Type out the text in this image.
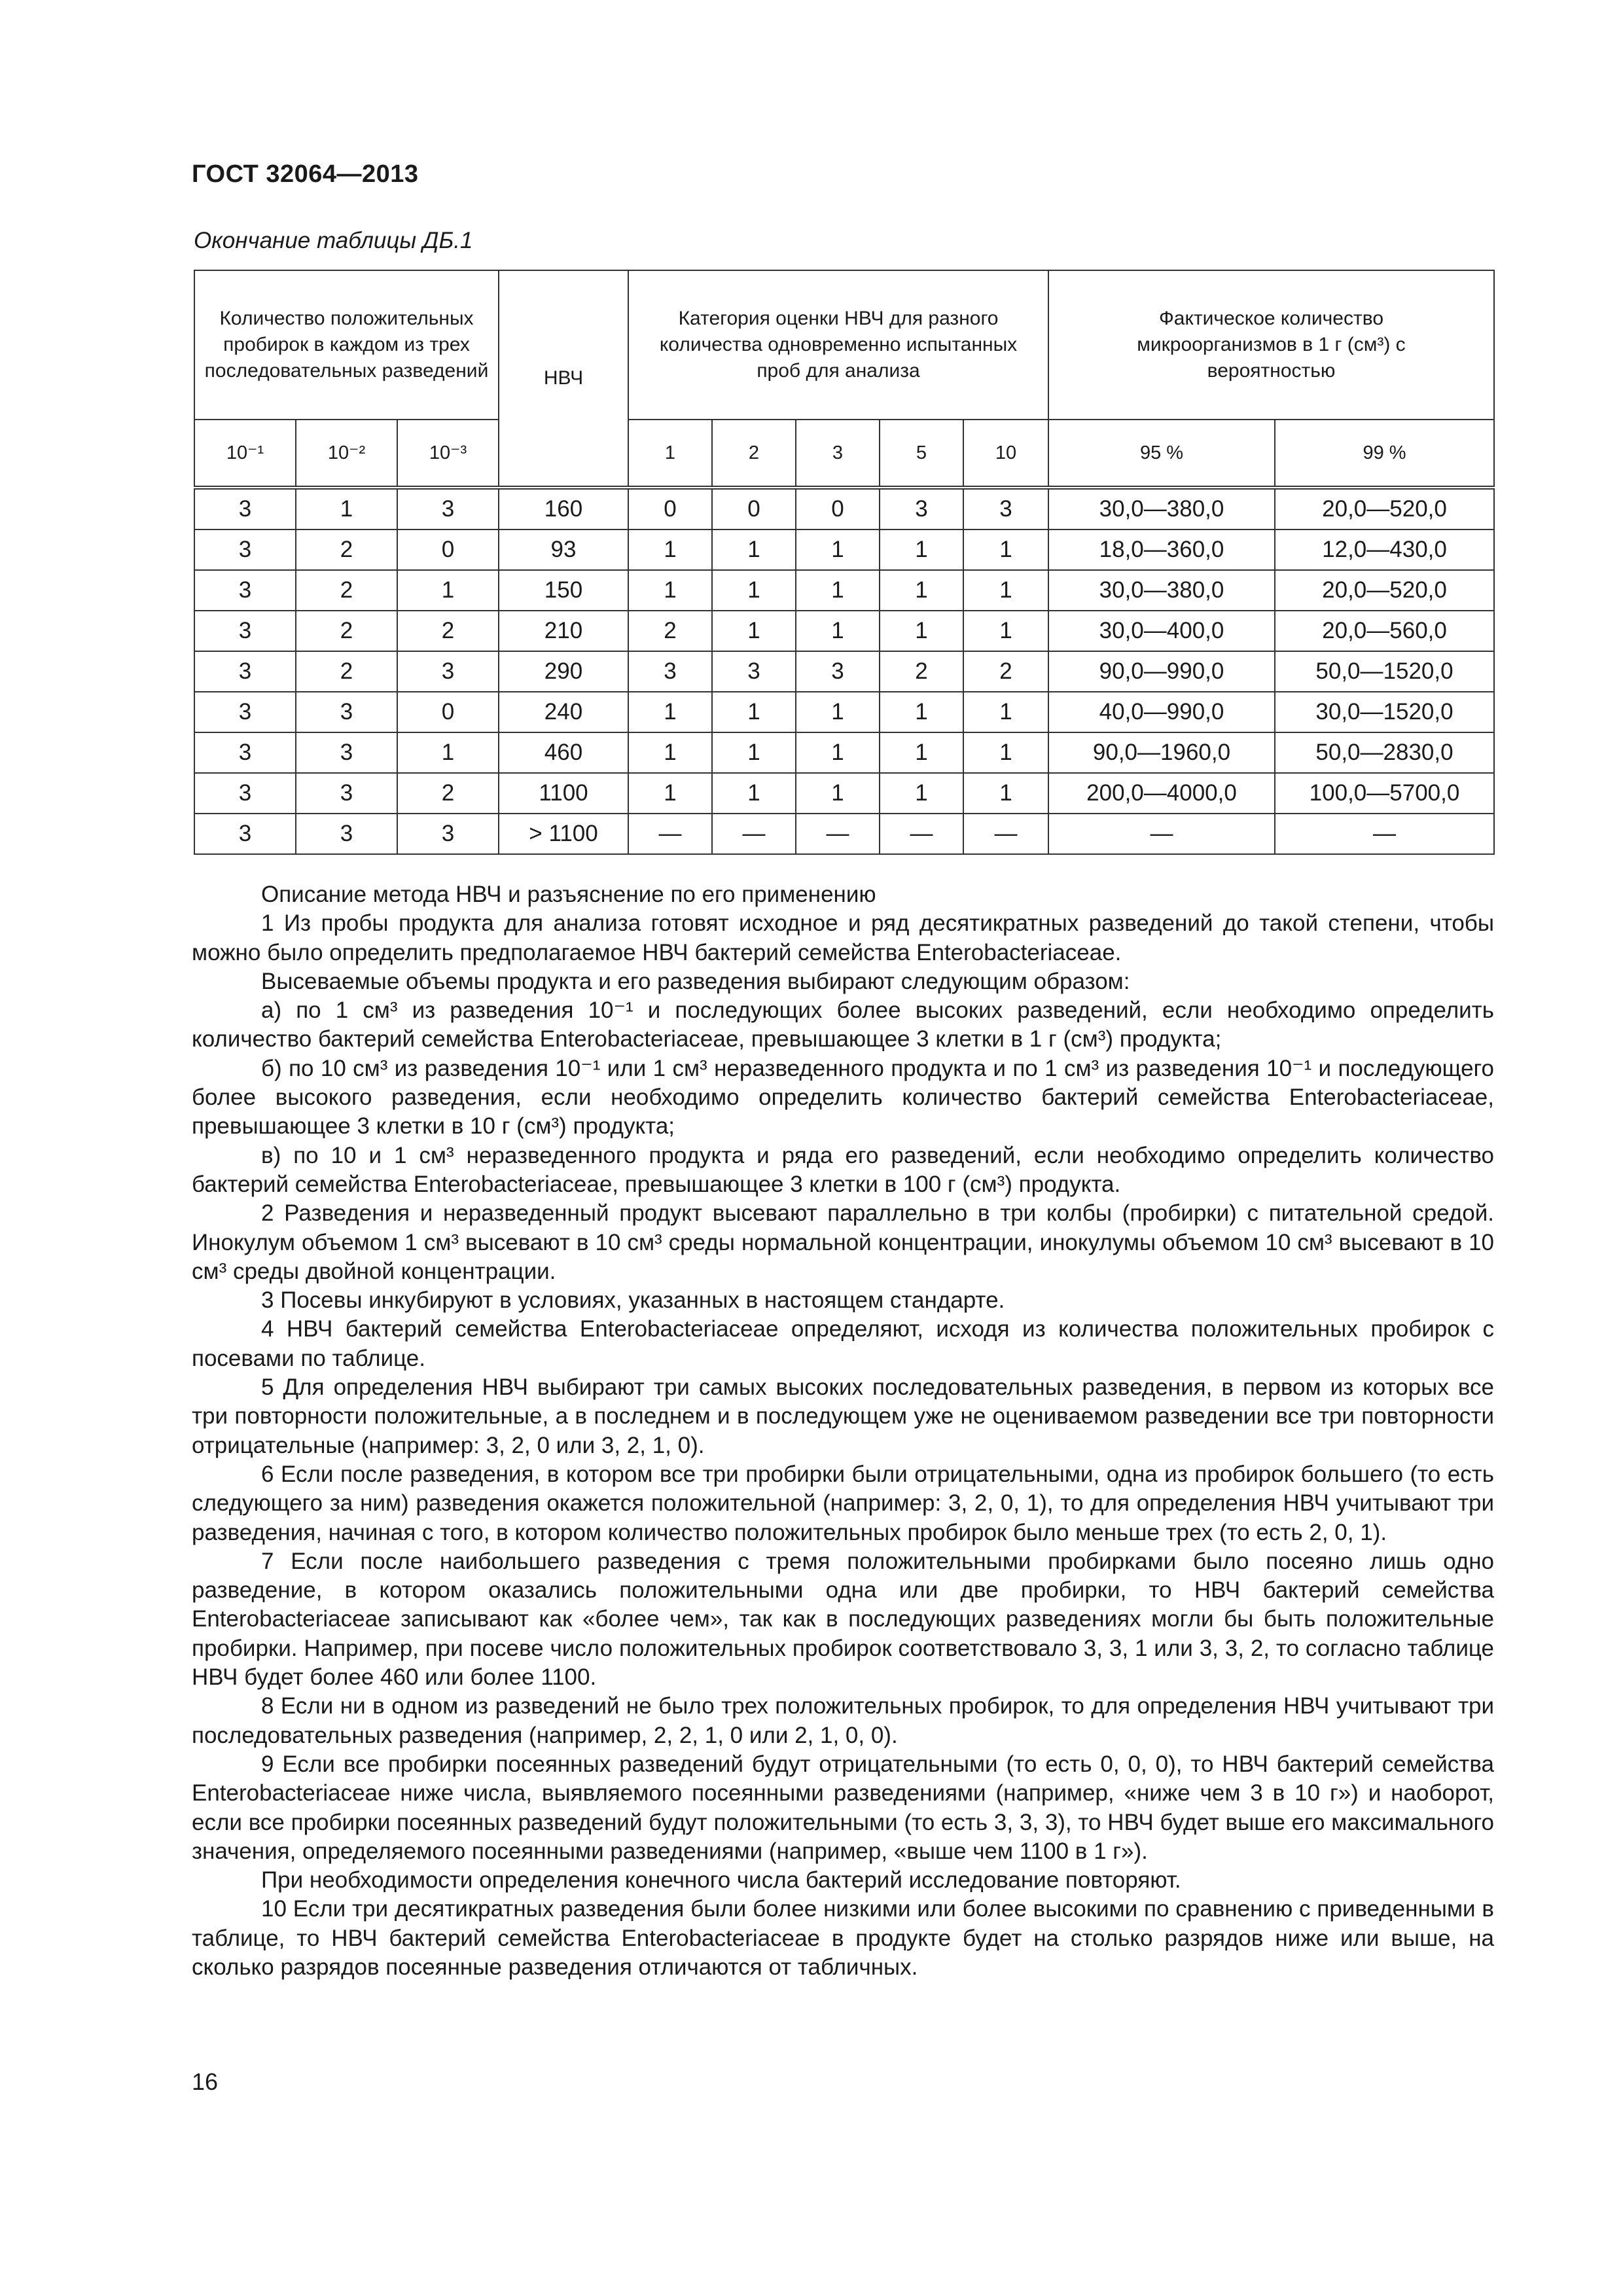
ГОСТ 32064—2013
Окончание таблицы ДБ.1
Количество положительных пробирок в каждом из трех последовательных разведений			НВЧ	Категория оценки НВЧ для разного количества одновременно испытанных проб для анализа					Фактическое количество микроорганизмов в 1 г (см³) с вероятностью	
10⁻¹	10⁻²	10⁻³		1	2	3	5	10	95 %	99 %
3	1	3	160	0	0	0	3	3	30,0—380,0	20,0—520,0
3	2	0	93	1	1	1	1	1	18,0—360,0	12,0—430,0
3	2	1	150	1	1	1	1	1	30,0—380,0	20,0—520,0
3	2	2	210	2	1	1	1	1	30,0—400,0	20,0—560,0
3	2	3	290	3	3	3	2	2	90,0—990,0	50,0—1520,0
3	3	0	240	1	1	1	1	1	40,0—990,0	30,0—1520,0
3	3	1	460	1	1	1	1	1	90,0—1960,0	50,0—2830,0
3	3	2	1100	1	1	1	1	1	200,0—4000,0	100,0—5700,0
3	3	3	> 1100	—	—	—	—	—	—	—

Описание метода НВЧ и разъяснение по его применению

1 Из пробы продукта для анализа готовят исходное и ряд десятикратных разведений до такой степени, чтобы можно было определить предполагаемое НВЧ бактерий семейства Enterobacteriaceae.

Высеваемые объемы продукта и его разведения выбирают следующим образом:

а) по 1 см³ из разведения 10⁻¹ и последующих более высоких разведений, если необходимо определить количество бактерий семейства Enterobacteriaceae, превышающее 3 клетки в 1 г (см³) продукта;

б) по 10 см³ из разведения 10⁻¹ или 1 см³ неразведенного продукта и по 1 см³ из разведения 10⁻¹ и последующего более высокого разведения, если необходимо определить количество бактерий семейства Enterobacteriaceae, превышающее 3 клетки в 10 г (см³) продукта;

в) по 10 и 1 см³ неразведенного продукта и ряда его разведений, если необходимо определить количество бактерий семейства Enterobacteriaceae, превышающее 3 клетки в 100 г (см³) продукта.

2 Разведения и неразведенный продукт высевают параллельно в три колбы (пробирки) с питательной средой. Инокулум объемом 1 см³ высевают в 10 см³ среды нормальной концентрации, инокулумы объемом 10 см³ высевают в 10 см³ среды двойной концентрации.

3 Посевы инкубируют в условиях, указанных в настоящем стандарте.

4 НВЧ бактерий семейства Enterobacteriaceae определяют, исходя из количества положительных пробирок с посевами по таблице.

5 Для определения НВЧ выбирают три самых высоких последовательных разведения, в первом из которых все три повторности положительные, а в последнем и в последующем уже не оцениваемом разведении все три повторности отрицательные (например: 3, 2, 0 или 3, 2, 1, 0).

6 Если после разведения, в котором все три пробирки были отрицательными, одна из пробирок большего (то есть следующего за ним) разведения окажется положительной (например: 3, 2, 0, 1), то для определения НВЧ учитывают три разведения, начиная с того, в котором количество положительных пробирок было меньше трех (то есть 2, 0, 1).

7 Если после наибольшего разведения с тремя положительными пробирками было посеяно лишь одно разведение, в котором оказались положительными одна или две пробирки, то НВЧ бактерий семейства Enterobacteriaceae записывают как «более чем», так как в последующих разведениях могли бы быть положительные пробирки. Например, при посеве число положительных пробирок соответствовало 3, 3, 1 или 3, 3, 2, то согласно таблице НВЧ будет более 460 или более 1100.

8 Если ни в одном из разведений не было трех положительных пробирок, то для определения НВЧ учитывают три последовательных разведения (например, 2, 2, 1, 0 или 2, 1, 0, 0).

9 Если все пробирки посеянных разведений будут отрицательными (то есть 0, 0, 0), то НВЧ бактерий семейства Enterobacteriaceae ниже числа, выявляемого посеянными разведениями (например, «ниже чем 3 в 10 г») и наоборот, если все пробирки посеянных разведений будут положительными (то есть 3, 3, 3), то НВЧ будет выше его максимального значения, определяемого посеянными разведениями (например, «выше чем 1100 в 1 г»).

При необходимости определения конечного числа бактерий исследование повторяют.

10 Если три десятикратных разведения были более низкими или более высокими по сравнению с приведенными в таблице, то НВЧ бактерий семейства Enterobacteriaceae в продукте будет на столько разрядов ниже или выше, на сколько разрядов посеянные разведения отличаются от табличных.

16
